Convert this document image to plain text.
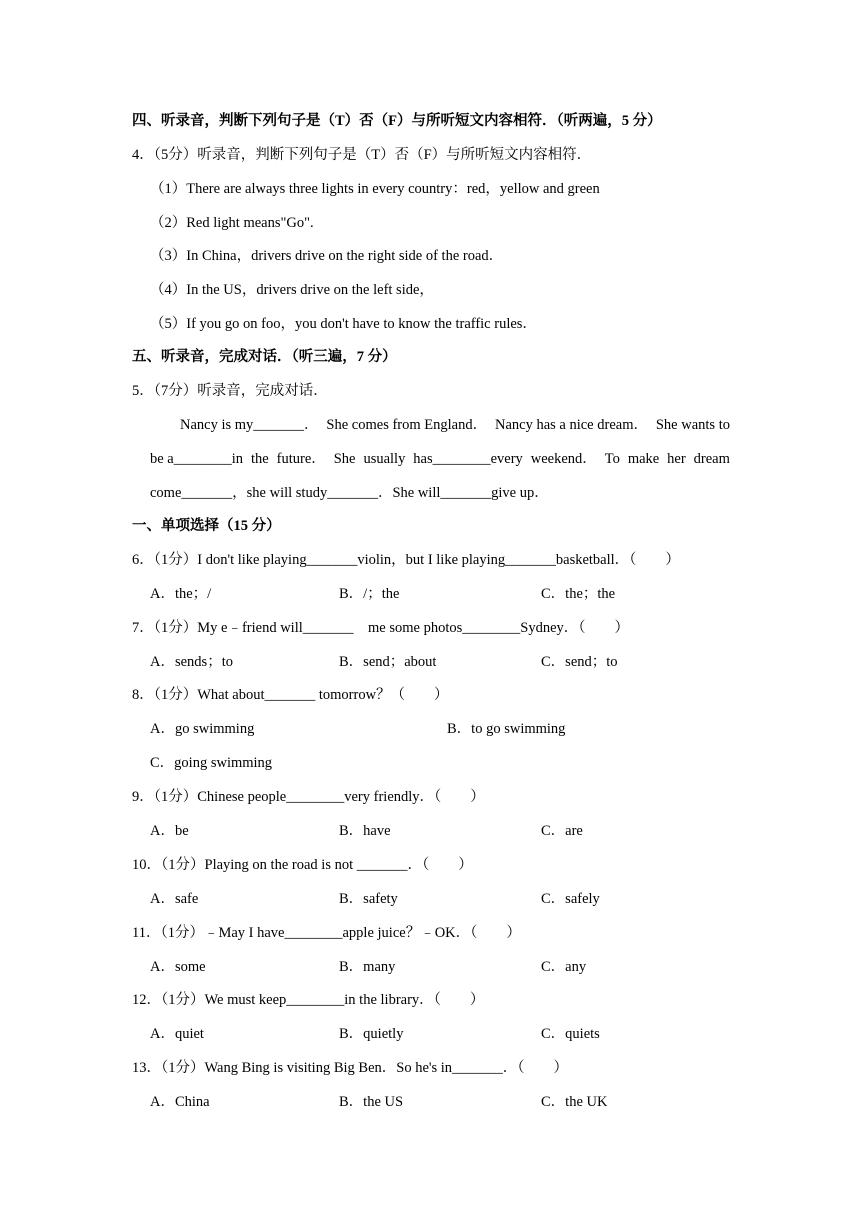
四、听录音，判断下列句子是（T）否（F）与所听短文内容相符．（听两遍，5 分）
4．（5分）听录音，判断下列句子是（T）否（F）与所听短文内容相符．
（1）There are always three lights in every country：red，yellow and green
（2）Red light means"Go".
（3）In China，drivers drive on the right side of the road．
（4）In the US，drivers drive on the left side，
（5）If you go on foo，you don't have to know the traffic rules．
五、听录音，完成对话．（听三遍，7 分）
5．（7分）听录音，完成对话．
Nancy is my_______． She comes from England． Nancy has a nice dream． She wants to
be a________in the future． She usually has________every weekend． To make her dream
come_______，she will study_______．She will_______give up．
一、单项选择（15 分）
6．（1分）I don't like playing_______violin，but I like playing_______basketball．（　　）
A．the；/	B．/；the	C．the；the
7．（1分）My e﹣friend will_______　me some photos________Sydney．（　　）
A．sends；to	B．send；about	C．send；to
8．（1分）What about_______ tomorrow？（　　）
A．go swimming	B．to go swimming
C．going swimming
9．（1分）Chinese people________very friendly．（　　）
A．be	B．have	C．are
10．（1分）Playing on the road is not _______．（　　）
A．safe	B．safety	C．safely
11．（1分）﹣May I have________apple juice？﹣OK．（　　）
A．some	B．many	C．any
12．（1分）We must keep________in the library．（　　）
A．quiet	B．quietly	C．quiets
13．（1分）Wang Bing is visiting Big Ben．So he's in_______．（　　）
A．China	B．the US	C．the UK
